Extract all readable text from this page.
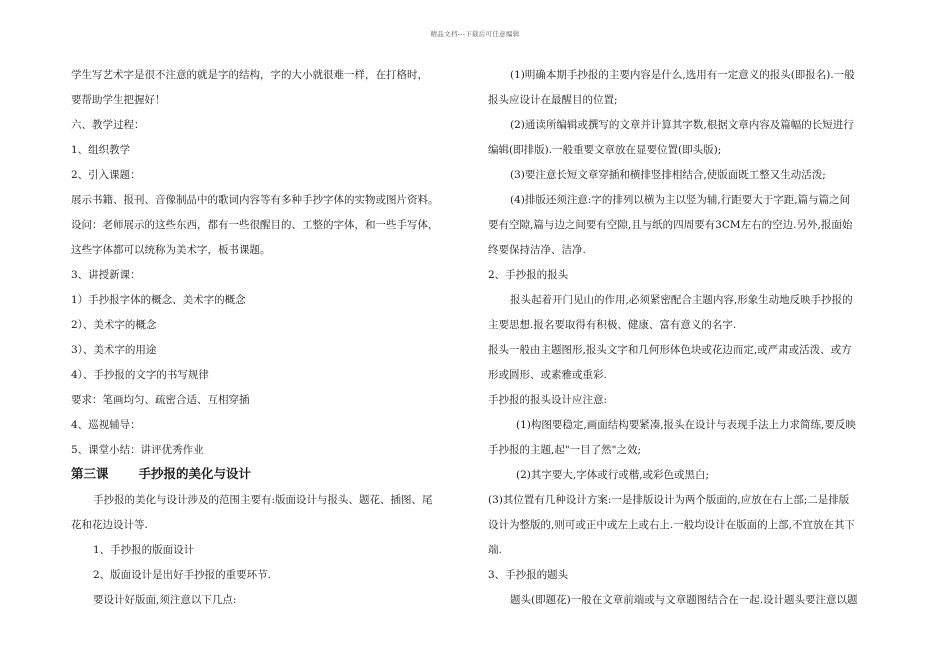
精品文档---下载后可任意编辑
学生写艺术字是很不注意的就是字的结构，字的大小就很难一样，在打格时，
要帮助学生把握好！
六、教学过程：
1、组织教学
2、引入课题：
展示书籍、报刊、音像制品中的歌词内容等有多种手抄字体的实物或图片资料。
设问：老师展示的这些东西，都有一些很醒目的、工整的字体，和一些手写体，
这些字体都可以统称为美术字，板书课题。
3、讲授新课：
1）手抄报字体的概念、美术字的概念
2）、美术字的概念
3）、美术字的用途
4）、手抄报的文字的书写规律
要求：笔画均匀、疏密合适、互相穿插
4、巡视辅导：
5、课堂小结：讲评优秀作业
第三课 手抄报的美化与设计
手抄报的美化与设计涉及的范围主要有:版面设计与报头、题花、插图、尾
花和花边设计等.
1、手抄报的版面设计
2、版面设计是出好手抄报的重要环节.
要设计好版面,须注意以下几点:
(1)明确本期手抄报的主要内容是什么,选用有一定意义的报头(即报名).一般
报头应设计在最醒目的位置;
(2)通读所编辑或撰写的文章并计算其字数,根据文章内容及篇幅的长短进行
编辑(即排版).一般重要文章放在显要位置(即头版);
(3)要注意长短文章穿插和横排竖排相结合,使版面既工整又生动活泼;
(4)排版还须注意:字的排列以横为主以竖为辅,行距要大于字距,篇与篇之间
要有空隙,篇与边之间要有空隙,且与纸的四周要有3CM左右的空边.另外,报面始
终要保持洁净、洁净.
2、手抄报的报头
报头起着开门见山的作用,必须紧密配合主题内容,形象生动地反映手抄报的
主要思想.报名要取得有积极、健康、富有意义的名字.
报头一般由主题图形,报头文字和几何形体色块或花边而定,或严肃或活泼、或方
形或圆形、或素雅或重彩.
手抄报的报头设计应注意:
(1)构图要稳定,画面结构要紧凑,报头在设计与表现手法上力求简练,要反映
手抄报的主题,起"一目了然"之效;
(2)其字要大,字体或行或楷,或彩色或黑白;
(3)其位置有几种设计方案:一是排版设计为两个版面的,应放在右上部;二是排版
设计为整版的,则可或正中或左上或右上.一般均设计在版面的上部,不宜放在其下
端.
3、手抄报的题头
题头(即题花)一般在文章前端或与文章题图结合在一起.设计题头要注意以题
